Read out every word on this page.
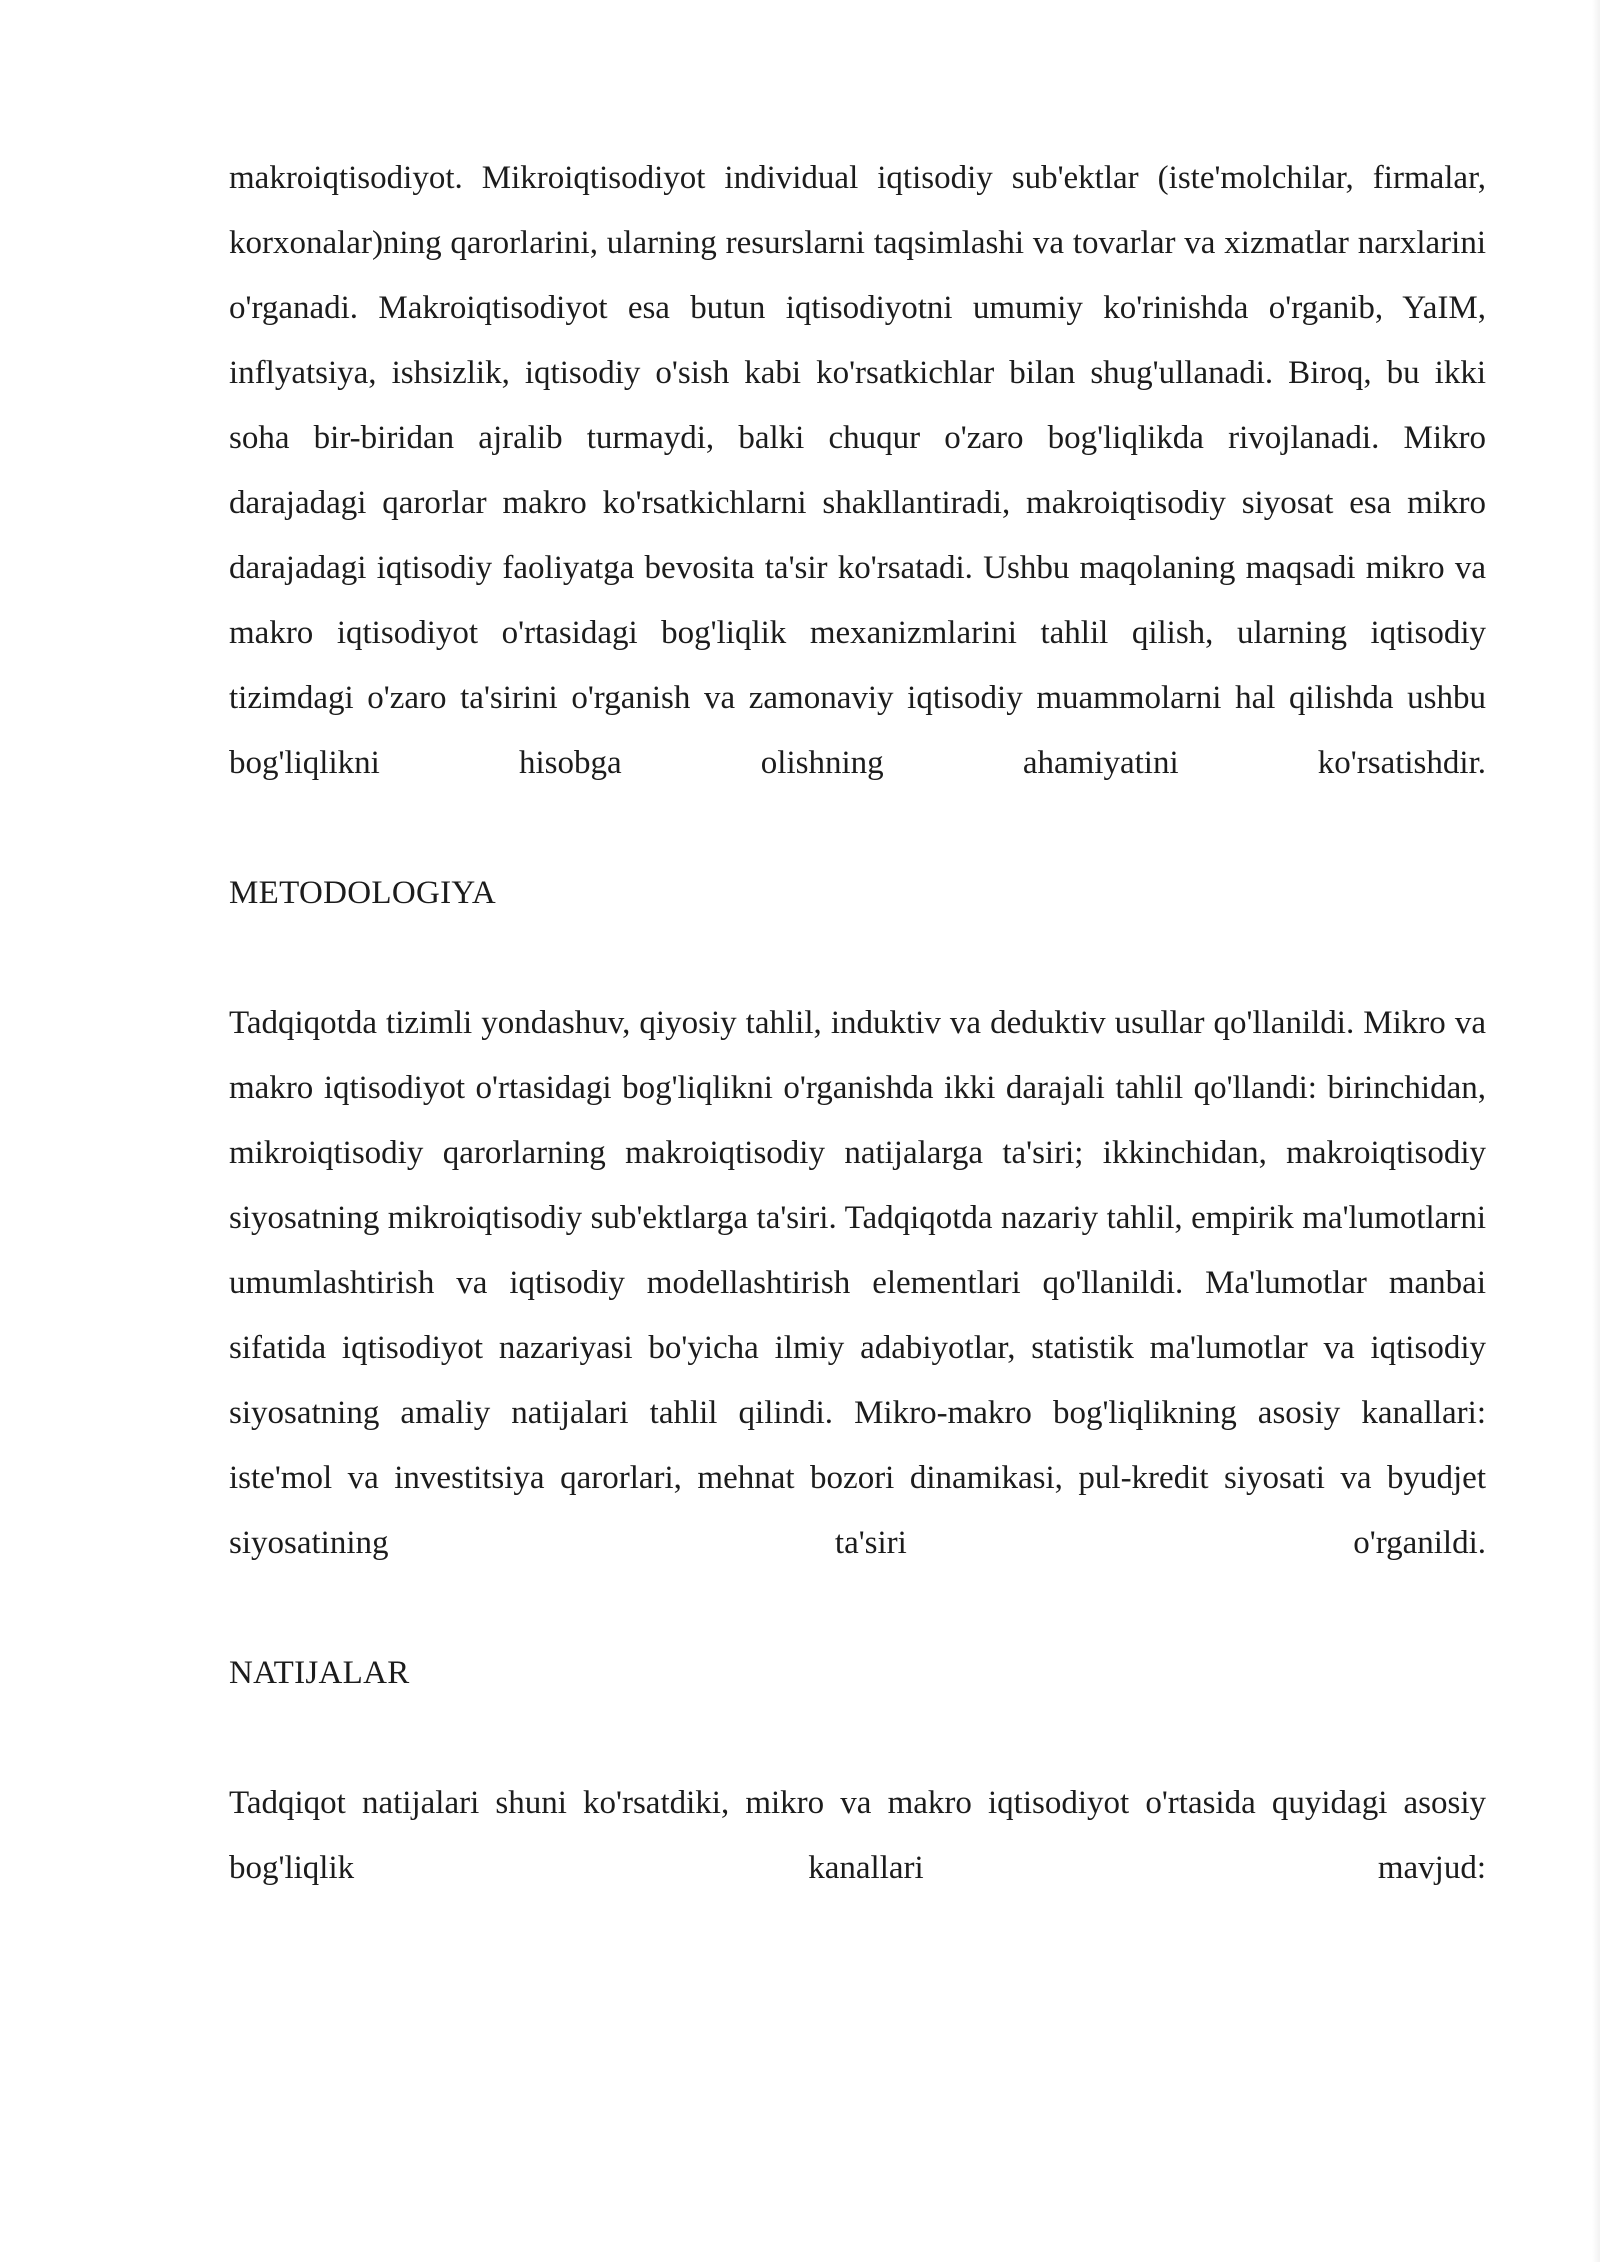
makroiqtisodiyot. Mikroiqtisodiyot individual iqtisodiy sub'ektlar (iste'molchilar, firmalar, korxonalar)ning qarorlarini, ularning resurslarni taqsimlashi va tovarlar va xizmatlar narxlarini o'rganadi. Makroiqtisodiyot esa butun iqtisodiyotni umumiy ko'rinishda o'rganib, YaIM, inflyatsiya, ishsizlik, iqtisodiy o'sish kabi ko'rsatkichlar bilan shug'ullanadi. Biroq, bu ikki soha bir-biridan ajralib turmaydi, balki chuqur o'zaro bog'liqlikda rivojlanadi. Mikro darajadagi qarorlar makro ko'rsatkichlarni shakllantiradi, makroiqtisodiy siyosat esa mikro darajadagi iqtisodiy faoliyatga bevosita ta'sir ko'rsatadi. Ushbu maqolaning maqsadi mikro va makro iqtisodiyot o'rtasidagi bog'liqlik mexanizmlarini tahlil qilish, ularning iqtisodiy tizimdagi o'zaro ta'sirini o'rganish va zamonaviy iqtisodiy muammolarni hal qilishda ushbu bog'liqlikni hisobga olishning ahamiyatini ko'rsatishdir.

METODOLOGIYA

Tadqiqotda tizimli yondashuv, qiyosiy tahlil, induktiv va deduktiv usullar qo'llanildi. Mikro va makro iqtisodiyot o'rtasidagi bog'liqlikni o'rganishda ikki darajali tahlil qo'llandi: birinchidan, mikroiqtisodiy qarorlarning makroiqtisodiy natijalarga ta'siri; ikkinchidan, makroiqtisodiy siyosatning mikroiqtisodiy sub'ektlarga ta'siri. Tadqiqotda nazariy tahlil, empirik ma'lumotlarni umumlashtirish va iqtisodiy modellashtirish elementlari qo'llanildi. Ma'lumotlar manbai sifatida iqtisodiyot nazariyasi bo'yicha ilmiy adabiyotlar, statistik ma'lumotlar va iqtisodiy siyosatning amaliy natijalari tahlil qilindi. Mikro-makro bog'liqlikning asosiy kanallari: iste'mol va investitsiya qarorlari, mehnat bozori dinamikasi, pul-kredit siyosati va byudjet siyosatining ta'siri o'rganildi.

NATIJALAR

Tadqiqot natijalari shuni ko'rsatdiki, mikro va makro iqtisodiyot o'rtasida quyidagi asosiy bog'liqlik kanallari mavjud:
